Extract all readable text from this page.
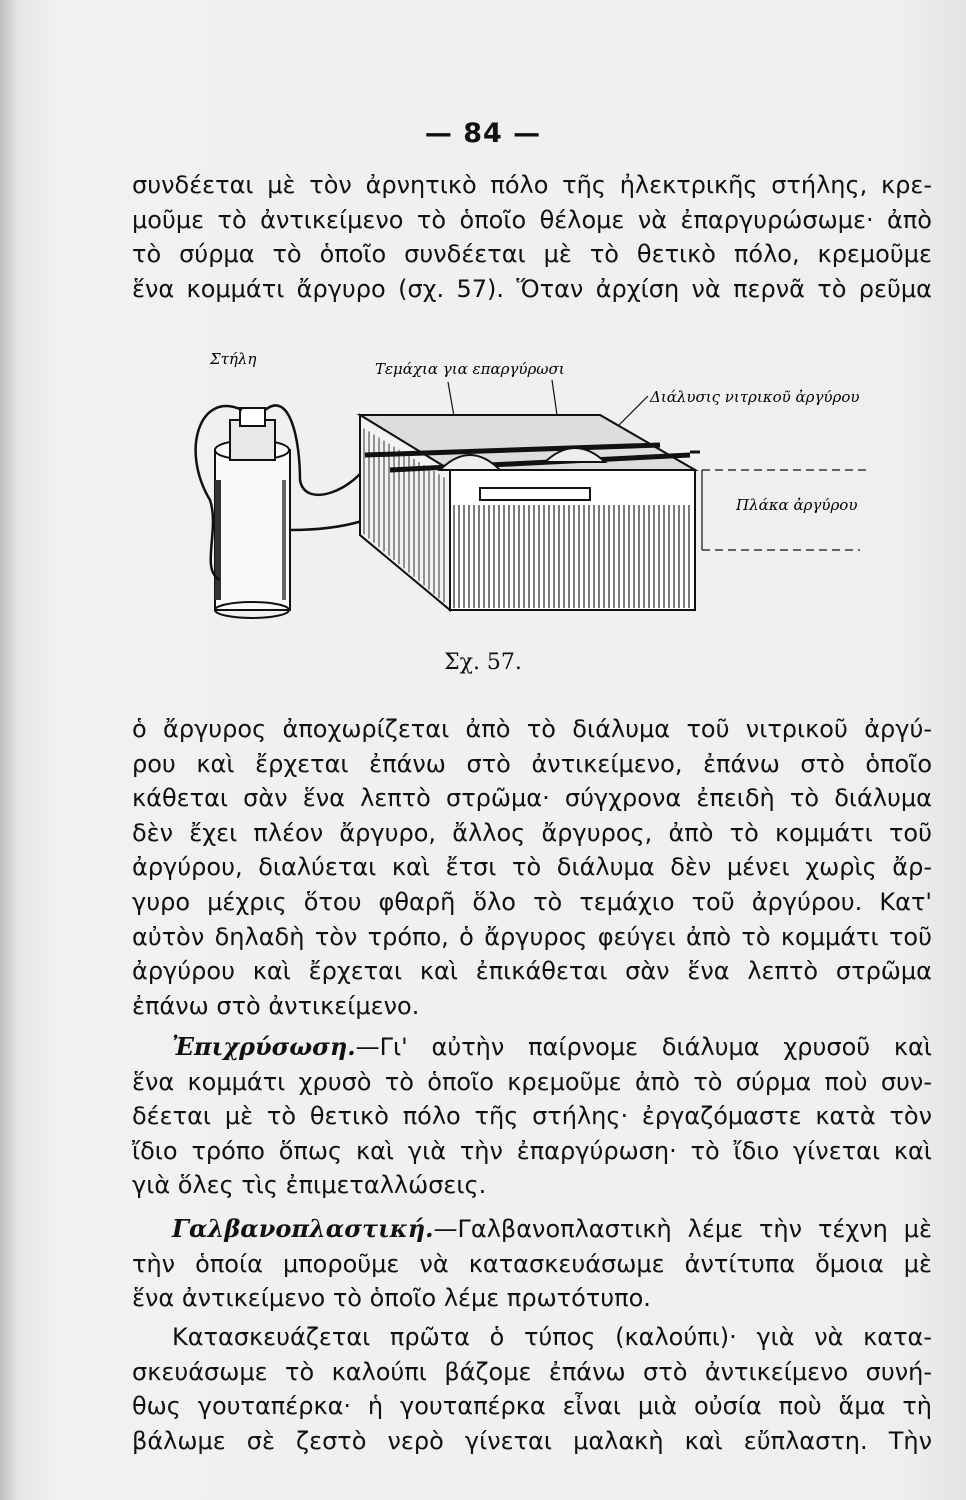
— 84 —
συνδέεται μὲ τὸν ἀρνητικὸ πόλο τῆς ἠλεκτρικῆς στήλης, κρε-
μοῦμε τὸ ἀντικείμενο τὸ ὁποῖο θέλομε νὰ ἐπαργυρώσωμε· ἀπὸ
τὸ σύρμα τὸ ὁποῖο συνδέεται μὲ τὸ θετικὸ πόλο, κρεμοῦμε
ἕνα κομμάτι ἄργυρο (σχ. 57). Ὅταν ἀρχίση νὰ περνᾶ τὸ ρεῦμα
Στήλη
Τεμάχια για επαργύρωσι
Διάλυσις νιτρικοῦ ἀργύρου
Πλάκα ἀργύρου
Σχ. 57.
ὁ ἄργυρος ἀποχωρίζεται ἀπὸ τὸ διάλυμα τοῦ νιτρικοῦ ἀργύ-
ρου καὶ ἔρχεται ἐπάνω στὸ ἀντικείμενο, ἐπάνω στὸ ὁποῖο
κάθεται σὰν ἕνα λεπτὸ στρῶμα· σύγχρονα ἐπειδὴ τὸ διάλυμα
δὲν ἔχει πλέον ἄργυρο, ἄλλος ἄργυρος, ἀπὸ τὸ κομμάτι τοῦ
ἀργύρου, διαλύεται καὶ ἔτσι τὸ διάλυμα δὲν μένει χωρὶς ἄρ-
γυρο μέχρις ὅτου φθαρῆ ὅλο τὸ τεμάχιο τοῦ ἀργύρου. Κατ'
αὐτὸν δηλαδὴ τὸν τρόπο, ὁ ἄργυρος φεύγει ἀπὸ τὸ κομμάτι τοῦ
ἀργύρου καὶ ἔρχεται καὶ ἐπικάθεται σὰν ἕνα λεπτὸ στρῶμα
ἐπάνω στὸ ἀντικείμενο.
Ἐπιχρύσωση.—Γι' αὐτὴν παίρνομε διάλυμα χρυσοῦ καὶ
ἕνα κομμάτι χρυσὸ τὸ ὁποῖο κρεμοῦμε ἀπὸ τὸ σύρμα ποὺ συν-
δέεται μὲ τὸ θετικὸ πόλο τῆς στήλης· ἐργαζόμαστε κατὰ τὸν
ἴδιο τρόπο ὅπως καὶ γιὰ τὴν ἐπαργύρωση· τὸ ἴδιο γίνεται καὶ
γιὰ ὅλες τὶς ἐπιμεταλλώσεις.
Γαλβανοπλαστική.—Γαλβανοπλαστικὴ λέμε τὴν τέχνη μὲ
τὴν ὁποία μποροῦμε νὰ κατασκευάσωμε ἀντίτυπα ὅμοια μὲ
ἕνα ἀντικείμενο τὸ ὁποῖο λέμε πρωτότυπο.
Κατασκευάζεται πρῶτα ὁ τύπος (καλούπι)· γιὰ νὰ κατα-
σκευάσωμε τὸ καλούπι βάζομε ἐπάνω στὸ ἀντικείμενο συνή-
θως γουταπέρκα· ἡ γουταπέρκα εἶναι μιὰ οὐσία ποὺ ἅμα τὴ
βάλωμε σὲ ζεστὸ νερὸ γίνεται μαλακὴ καὶ εὔπλαστη. Τὴν
